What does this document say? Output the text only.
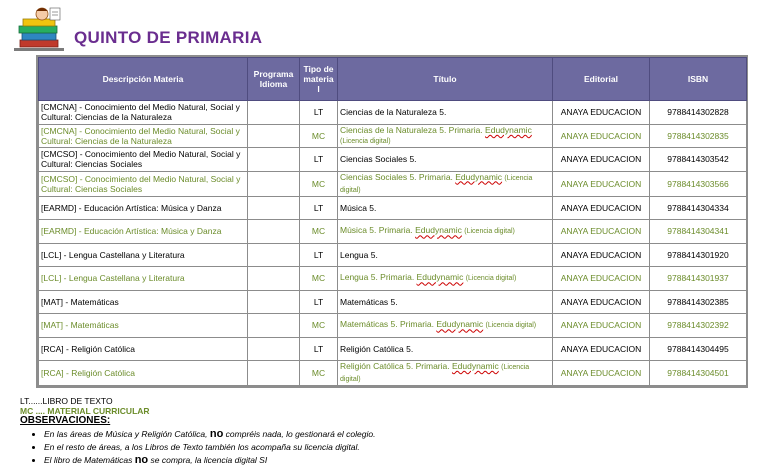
QUINTO DE PRIMARIA
Descripción Materia	Programa Idioma	Tipo de materia l	Título	Editorial	ISBN
[CMCNA] - Conocimiento del Medio Natural, Social y Cultural: Ciencias de la Naturaleza		LT	Ciencias de la Naturaleza 5.	ANAYA EDUCACION	9788414302828
[CMCNA] - Conocimiento del Medio Natural, Social y Cultural: Ciencias de la Naturaleza		MC	Ciencias de la Naturaleza 5. Primaria. Edudynamic (Licencia digital)	ANAYA EDUCACION	9788414302835
[CMCSO] - Conocimiento del Medio Natural, Social y Cultural: Ciencias Sociales		LT	Ciencias Sociales 5.	ANAYA EDUCACION	9788414303542
[CMCSO] - Conocimiento del Medio Natural, Social y Cultural: Ciencias Sociales		MC	Ciencias Sociales 5. Primaria. Edudynamic (Licencia digital)	ANAYA EDUCACION	9788414303566
[EARMD] - Educación Artística: Música y Danza		LT	Música 5.	ANAYA EDUCACION	9788414304334
[EARMD] - Educación Artística: Música y Danza		MC	Música 5. Primaria. Edudynamic (Licencia digital)	ANAYA EDUCACION	9788414304341
[LCL] - Lengua Castellana y Literatura		LT	Lengua 5.	ANAYA EDUCACION	9788414301920
[LCL] - Lengua Castellana y Literatura		MC	Lengua 5. Primaria. Edudynamic (Licencia digital)	ANAYA EDUCACION	9788414301937
[MAT] - Matemáticas		LT	Matemáticas 5.	ANAYA EDUCACION	9788414302385
[MAT] - Matemáticas		MC	Matemáticas 5. Primaria. Edudynamic (Licencia digital)	ANAYA EDUCACION	9788414302392
[RCA] - Religión Católica		LT	Religión Católica 5.	ANAYA EDUCACION	9788414304495
[RCA] - Religión Católica		MC	Religión Católica 5. Primaria. Edudynamic (Licencia digital)	ANAYA EDUCACION	9788414304501
LT......LIBRO DE TEXTO
MC .... MATERIAL CURRICULAR
OBSERVACIONES:
• En las áreas de Música y Religión Católica, no compréis nada, lo gestionará el colegio.
• En el resto de áreas, a los Libros de Texto también los acompaña su licencia digital.
• El libro de Matemáticas no se compra, la licencia digital SI
